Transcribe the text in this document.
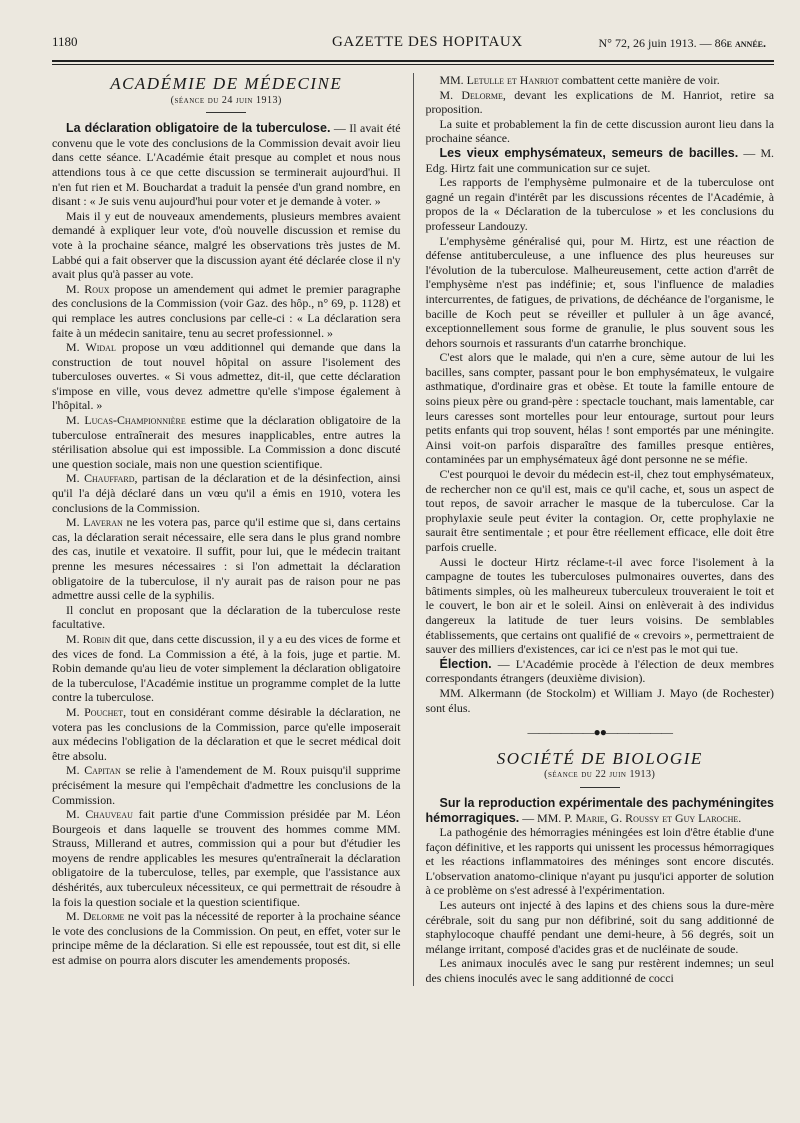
1180	GAZETTE DES HOPITAUX	N° 72, 26 juin 1913. — 86e année.
ACADÉMIE DE MÉDECINE
(séance du 24 juin 1913)

La déclaration obligatoire de la tuberculose. — Il avait été convenu que le vote des conclusions de la Commission devait avoir lieu dans cette séance. L'Académie était presque au complet et nous nous attendions tous à ce que cette discussion se terminerait aujourd'hui. Il n'en fut rien et M. Bouchardat a traduit la pensée d'un grand nombre, en disant : « Je suis venu aujourd'hui pour voter et je demande à voter. »

Mais il y eut de nouveaux amendements, plusieurs membres avaient demandé à expliquer leur vote, d'où nouvelle discussion et remise du vote à la prochaine séance, malgré les observations très justes de M. Labbé qui a fait observer que la discussion ayant été déclarée close il n'y avait plus qu'à passer au vote.

M. Roux propose un amendement qui admet le premier paragraphe des conclusions de la Commission (voir Gaz. des hôp., n° 69, p. 1128) et qui remplace les autres conclusions par celle-ci : « La déclaration sera faite à un médecin sanitaire, tenu au secret professionnel. »

M. Widal propose un vœu additionnel qui demande que dans la construction de tout nouvel hôpital on assure l'isolement des tuberculoses ouvertes. « Si vous admettez, dit-il, que cette déclaration s'impose en ville, vous devez admettre qu'elle s'impose également à l'hôpital. »

M. Lucas-Championnière estime que la déclaration obligatoire de la tuberculose entraînerait des mesures inapplicables, entre autres la stérilisation absolue qui est impossible. La Commission a donc discuté une question sociale, mais non une question scientifique.

M. Chauffard, partisan de la déclaration et de la désinfection, ainsi qu'il l'a déjà déclaré dans un vœu qu'il a émis en 1910, votera les conclusions de la Commission.

M. Laveran ne les votera pas, parce qu'il estime que si, dans certains cas, la déclaration serait nécessaire, elle sera dans le plus grand nombre des cas, inutile et vexatoire. Il suffit, pour lui, que le médecin traitant prenne les mesures nécessaires : si l'on admettait la déclaration obligatoire de la tuberculose, il n'y aurait pas de raison pour ne pas admettre aussi celle de la syphilis.

Il conclut en proposant que la déclaration de la tuberculose reste facultative.

M. Robin dit que, dans cette discussion, il y a eu des vices de forme et des vices de fond. La Commission a été, à la fois, juge et partie. M. Robin demande qu'au lieu de voter simplement la déclaration obligatoire de la tuberculose, l'Académie institue un programme complet de la lutte contre la tuberculose.

M. Pouchet, tout en considérant comme désirable la déclaration, ne votera pas les conclusions de la Commission, parce qu'elle imposerait aux médecins l'obligation de la déclaration et que le secret médical doit être absolu.

M. Capitan se relie à l'amendement de M. Roux puisqu'il supprime précisément la mesure qui l'empêchait d'admettre les conclusions de la Commission.

M. Chauveau fait partie d'une Commission présidée par M. Léon Bourgeois et dans laquelle se trouvent des hommes comme MM. Strauss, Millerand et autres, commission qui a pour but d'étudier les moyens de rendre applicables les mesures qu'entraînerait la déclaration obligatoire de la tuberculose, telles, par exemple, que l'assistance aux déshérités, aux tuberculeux nécessiteux, ce qui permettrait de résoudre à la fois la question sociale et la question scientifique.

M. Delorme ne voit pas la nécessité de reporter à la prochaine séance le vote des conclusions de la Commission. On peut, en effet, voter sur le principe même de la déclaration. Si elle est repoussée, tout est dit, si elle est admise on pourra alors discuter les amendements proposés.

MM. Letulle et Hanriot combattent cette manière de voir.

M. Delorme, devant les explications de M. Hanriot, retire sa proposition.

La suite et probablement la fin de cette discussion auront lieu dans la prochaine séance.

Les vieux emphysémateux, semeurs de bacilles. — M. Edg. Hirtz fait une communication sur ce sujet.

Les rapports de l'emphysème pulmonaire et de la tuberculose ont gagné un regain d'intérêt par les discussions récentes de l'Académie, à propos de la « Déclaration de la tuberculose » et les conclusions du professeur Landouzy.

L'emphysème généralisé qui, pour M. Hirtz, est une réaction de défense antituberculeuse, a une influence des plus heureuses sur l'évolution de la tuberculose. Malheureusement, cette action d'arrêt de l'emphysème n'est pas indéfinie; et, sous l'influence de maladies intercurrentes, de fatigues, de privations, de déchéance de l'organisme, le bacille de Koch peut se réveiller et pulluler à un âge avancé, exceptionnellement sous forme de granulie, le plus souvent sous les dehors sournois et rassurants d'un catarrhe bronchique.

C'est alors que le malade, qui n'en a cure, sème autour de lui les bacilles, sans compter, passant pour le bon emphysémateux, le vulgaire asthmatique, d'ordinaire gras et obèse. Et toute la famille entoure de soins pieux père ou grand-père : spectacle touchant, mais lamentable, car leurs caresses sont mortelles pour leur entourage, surtout pour leurs petits enfants qui trop souvent, hélas ! sont emportés par une méningite. Ainsi voit-on parfois disparaître des familles presque entières, contaminées par un emphysémateux âgé dont personne ne se méfie.

C'est pourquoi le devoir du médecin est-il, chez tout emphysémateux, de rechercher non ce qu'il est, mais ce qu'il cache, et, sous un aspect de tout repos, de savoir arracher le masque de la tuberculose. Car la prophylaxie seule peut éviter la contagion. Or, cette prophylaxie ne saurait être sentimentale ; et pour être réellement efficace, elle doit être parfois cruelle.

Aussi le docteur Hirtz réclame-t-il avec force l'isolement à la campagne de toutes les tuberculoses pulmonaires ouvertes, dans des bâtiments simples, où les malheureux tuberculeux trouveraient le toit et le couvert, le bon air et le soleil. Ainsi on enlèverait à des individus dangereux la latitude de tuer leurs voisins. De semblables établissements, que certains ont qualifié de « crevoirs », permettraient de sauver des milliers d'existences, car ici ce n'est pas le mot qui tue.

Élection. — L'Académie procède à l'élection de deux membres correspondants étrangers (deuxième division).

MM. Alkermann (de Stockolm) et William J. Mayo (de Rochester) sont élus.

——————●●——————
SOCIÉTÉ DE BIOLOGIE
(séance du 22 juin 1913)

Sur la reproduction expérimentale des pachyméningites hémorragiques. — MM. P. Marie, G. Roussy et Guy Laroche.

La pathogénie des hémorragies méningées est loin d'être établie d'une façon définitive, et les rapports qui unissent les processus hémorragiques et les réactions inflammatoires des méninges sont encore discutés. L'observation anatomo-clinique n'ayant pu jusqu'ici apporter de solution à ce problème on s'est adressé à l'expérimentation.

Les auteurs ont injecté à des lapins et des chiens sous la dure-mère cérébrale, soit du sang pur non défibriné, soit du sang additionné de staphylocoque chauffé pendant une demi-heure, à 56 degrés, soit un mélange irritant, composé d'acides gras et de nucléinate de soude.

Les animaux inoculés avec le sang pur restèrent indemnes; un seul des chiens inoculés avec le sang additionné de cocci
